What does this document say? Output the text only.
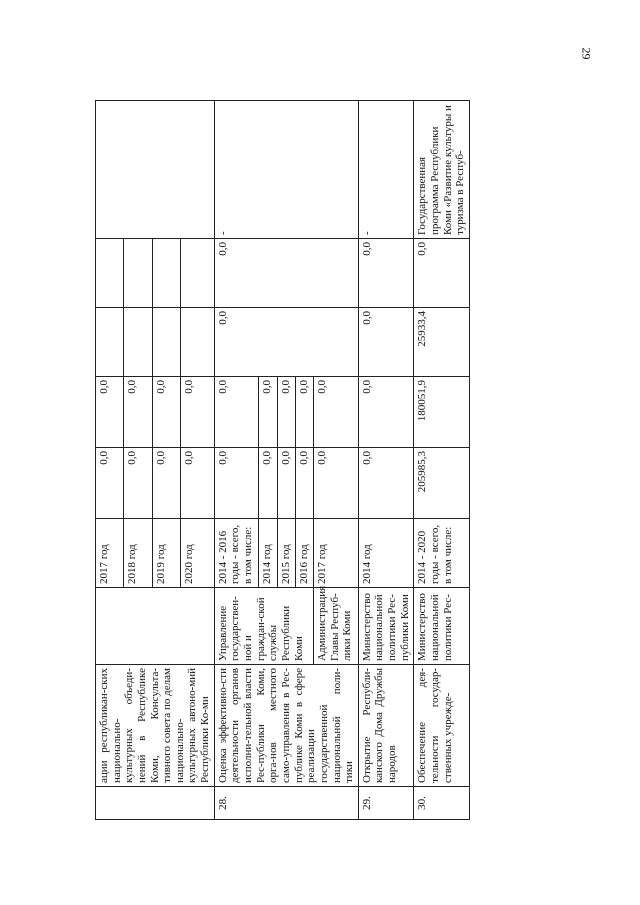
29
	ации республикан-ских национально-культурных объеди-нений в Республике Коми, Консульта-тивного совета по делам национально-культурных автоно-мий Республики Ко-ми		2017 год	0,0	0,0			
			2018 год	0,0	0,0			
			2019 год	0,0	0,0			
			2020 год	0,0	0,0			
28.	Оценка эффективно-сти деятельности органов исполни-тельной власти Рес-публики Коми, орга-нов местного само-управления в Рес-публике Коми в сфере реализации государственной национальной поли-тики	Управление государствен-ной и граждан-ской службы Республики Коми	2014 - 2016 годы - всего, в том числе:	0,0	0,0	0,0	0,0	-
			2014 год	0,0	0,0			
			2015 год	0,0	0,0			
			2016 год	0,0	0,0			
		Администрация Главы Респуб-лики Коми	2017 год	0,0	0,0			
29.	Открытие Республи-канского Дома Дружбы народов	Министерство национальной политики Рес-публики Коми	2014 год	0,0	0,0	0,0	0,0	-
30.	Обеспечение дея-тельности государ-ственных учрежде-	Министерство национальной политики Рес-	2014 - 2020 годы - всего, в том числе:	205985,3	180051,9	25933,4	0,0	Государственная программа Республики Коми «Развитие культуры и туризма в Респуб-
